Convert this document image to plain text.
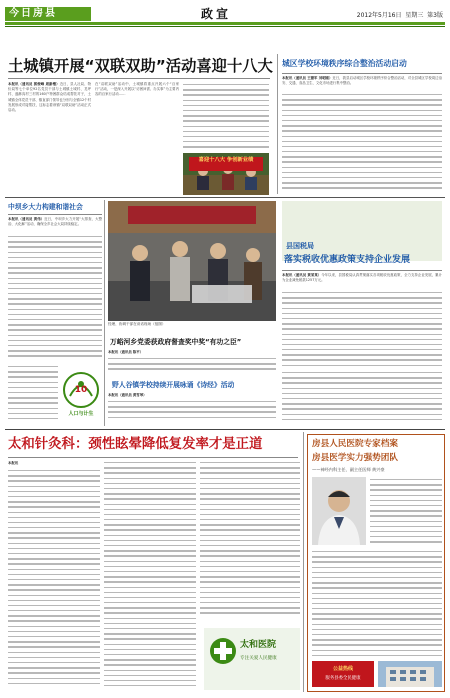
今日房县	政宣	2012年5月16日 星期三 第3版
土城镇开展“双联双助”活动喜迎十八大
本报讯（通讯员 郭俊峰 周新楷）近日，县人社局、物价局等七个单位92名党员干部与土城镇土城村、龙坪村、盛淋沟村三村的160户特困群众结成帮扶对子，土城镇全体党员干部、镇直部门领导也分别与全镇12个村发展形成对接帮扶，这标志着该镇“双联双助”活动正式启动。
在“双联双助”活动中，土城镇将重点开展六个“百家行”活动，一是深入开展以“访困问需、办实事”为主要内容的百家行活动……
喜迎十八大 争创新业绩
城区学校环境秩序综合整治活动启动
本报讯（通讯员 王德军 刘明刚）近日，我县启动城区学校环境秩序综合整治活动，对全县城区学校周边治安、交通、食品卫生、文化市场进行集中整治。
中坝乡大力构建和谐社会
本报讯（通讯员 黄伟）近日，中坝乡大力开展“大排查、大整治、大化解”活动，确保全乡社会大局持续稳定。
10
人口与计生
经理、协调干部在谈话现场（组图）
县国税局
落实税收优惠政策支持企业发展
本报讯（通讯员 黄某某）今年以来，县国税局认真贯彻落实各项税收优惠政策，全力支持企业发展，累计为企业减免税款1257万元。
万峪河乡党委获政府督查奖中奖“有功之臣”
本报讯（通讯员 陈平）
野人谷镇学校持续开展咏诵《诗经》活动
本报讯（通讯员 黄雪琴）
太和针灸科：颈性眩晕降低复发率才是正道
本报讯
太和医院
专注关爱人民健康
房县人民医院专家档案
房县医学实力强势团队
——神经内科主任、副主任医师 黄兴豪
公益热线
服务县委全民健康
